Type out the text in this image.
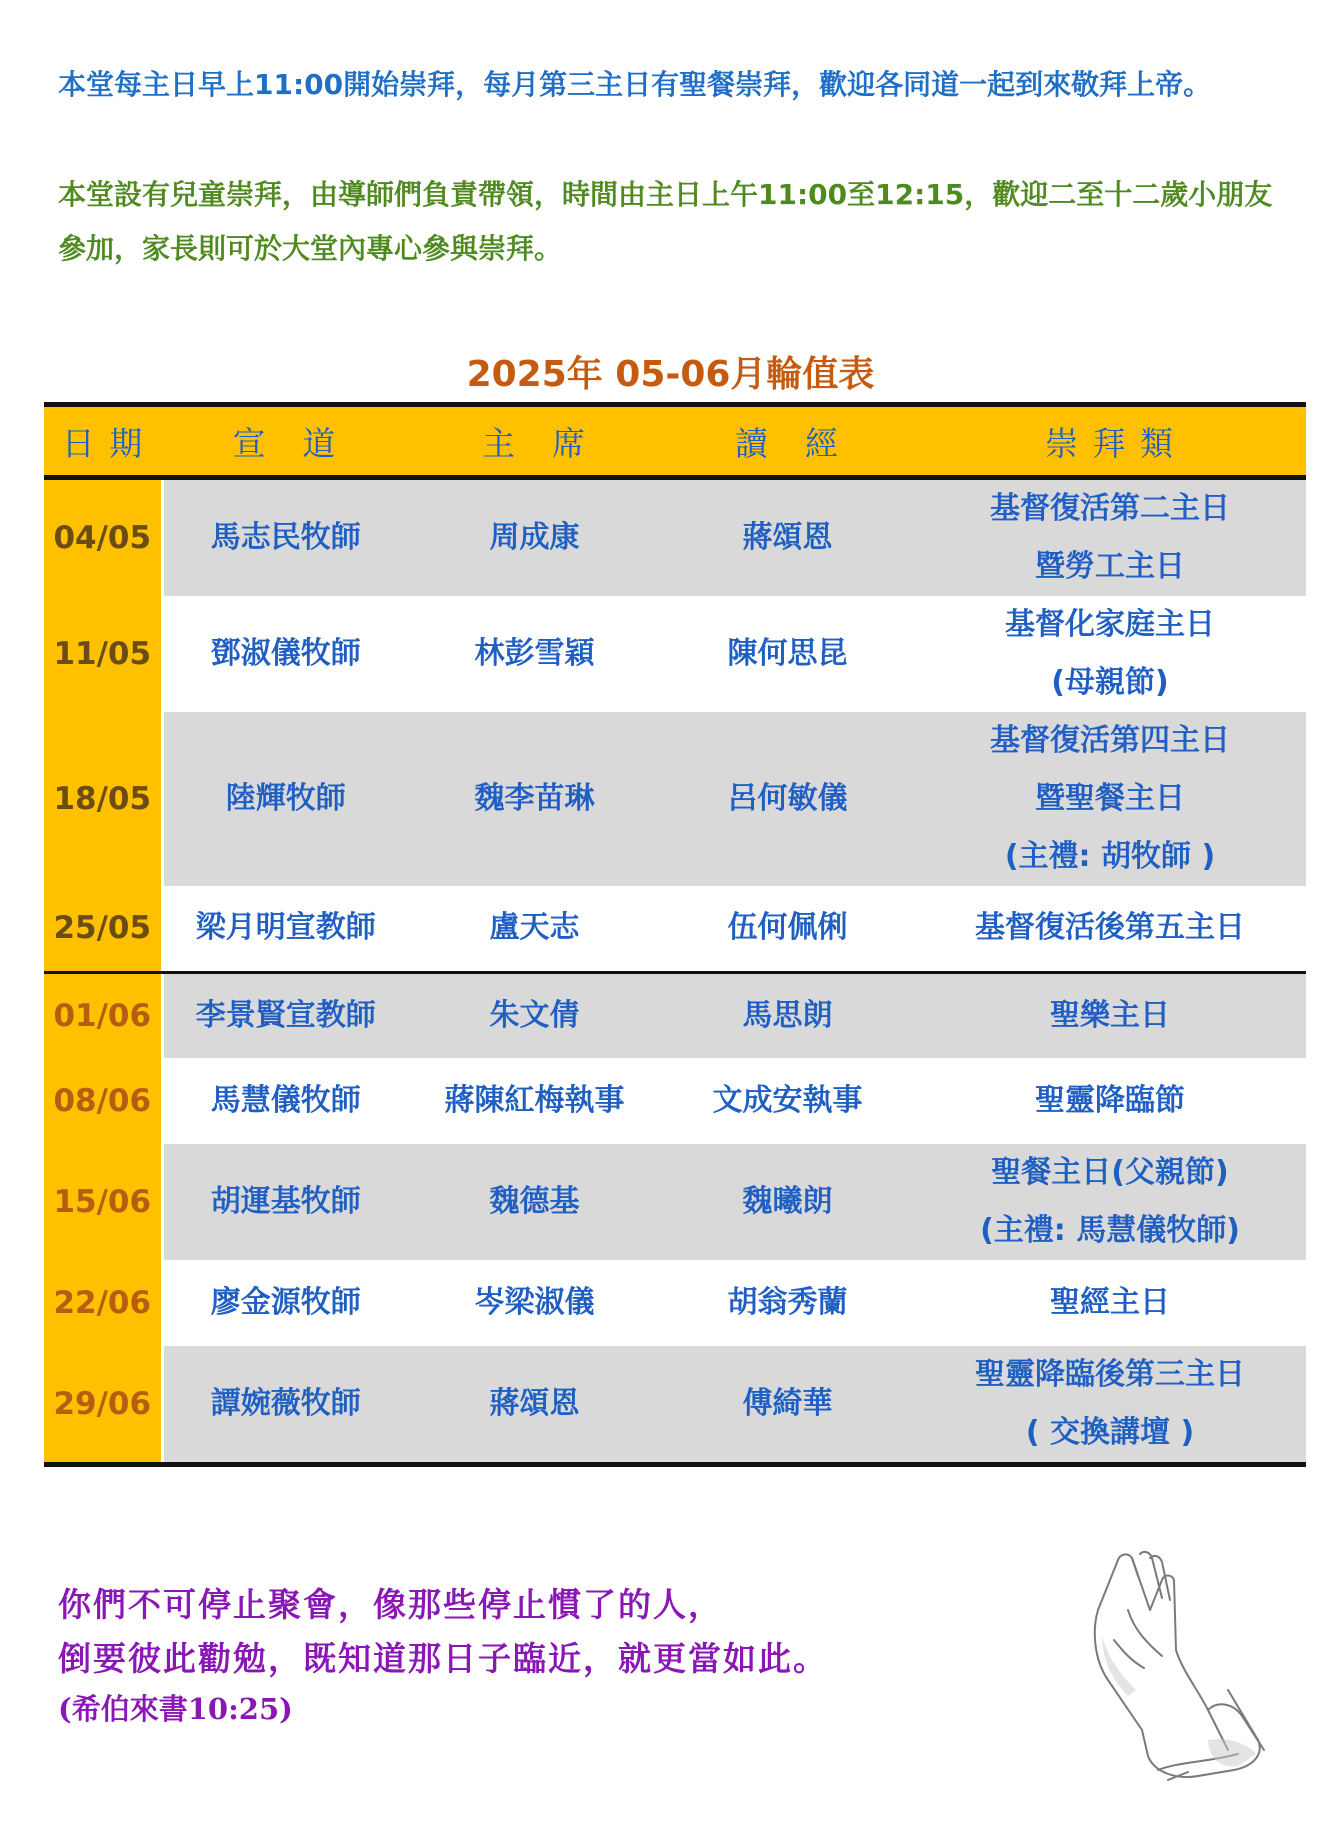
本堂每主日早上11:00開始崇拜，每月第三主日有聖餐崇拜，歡迎各同道一起到來敬拜上帝。

本堂設有兒童崇拜，由導師們負責帶領，時間由主日上午11:00至12:15，歡迎二至十二歲小朋友參加，家長則可於大堂內專心參與崇拜。

2025年 05-06月輪值表
日 期	宣　道	主　席	讀　經	崇 拜 類
04/05	馬志民牧師	周成康	蔣頌恩	基督復活第二主日
暨勞工主日

11/05	鄧淑儀牧師	林彭雪穎	陳何思昆	基督化家庭主日
(母親節)

18/05	陸輝牧師	魏李苗琳	呂何敏儀	基督復活第四主日
暨聖餐主日
(主禮: 胡牧師 )

25/05	梁月明宣教師	盧天志	伍何佩俐	基督復活後第五主日

01/06	李景賢宣教師	朱文倩	馬思朗	聖樂主日

08/06	馬慧儀牧師	蔣陳紅梅執事	文成安執事	聖靈降臨節

15/06	胡運基牧師	魏德基	魏曦朗	聖餐主日(父親節)
(主禮: 馬慧儀牧師)

22/06	廖金源牧師	岑梁淑儀	胡翁秀蘭	聖經主日

29/06	譚婉薇牧師	蔣頌恩	傅綺華	聖靈降臨後第三主日
( 交換講壇 )
你們不可停止聚會，像那些停止慣了的人，
倒要彼此勸勉，既知道那日子臨近，就更當如此。
(希伯來書10:25)
